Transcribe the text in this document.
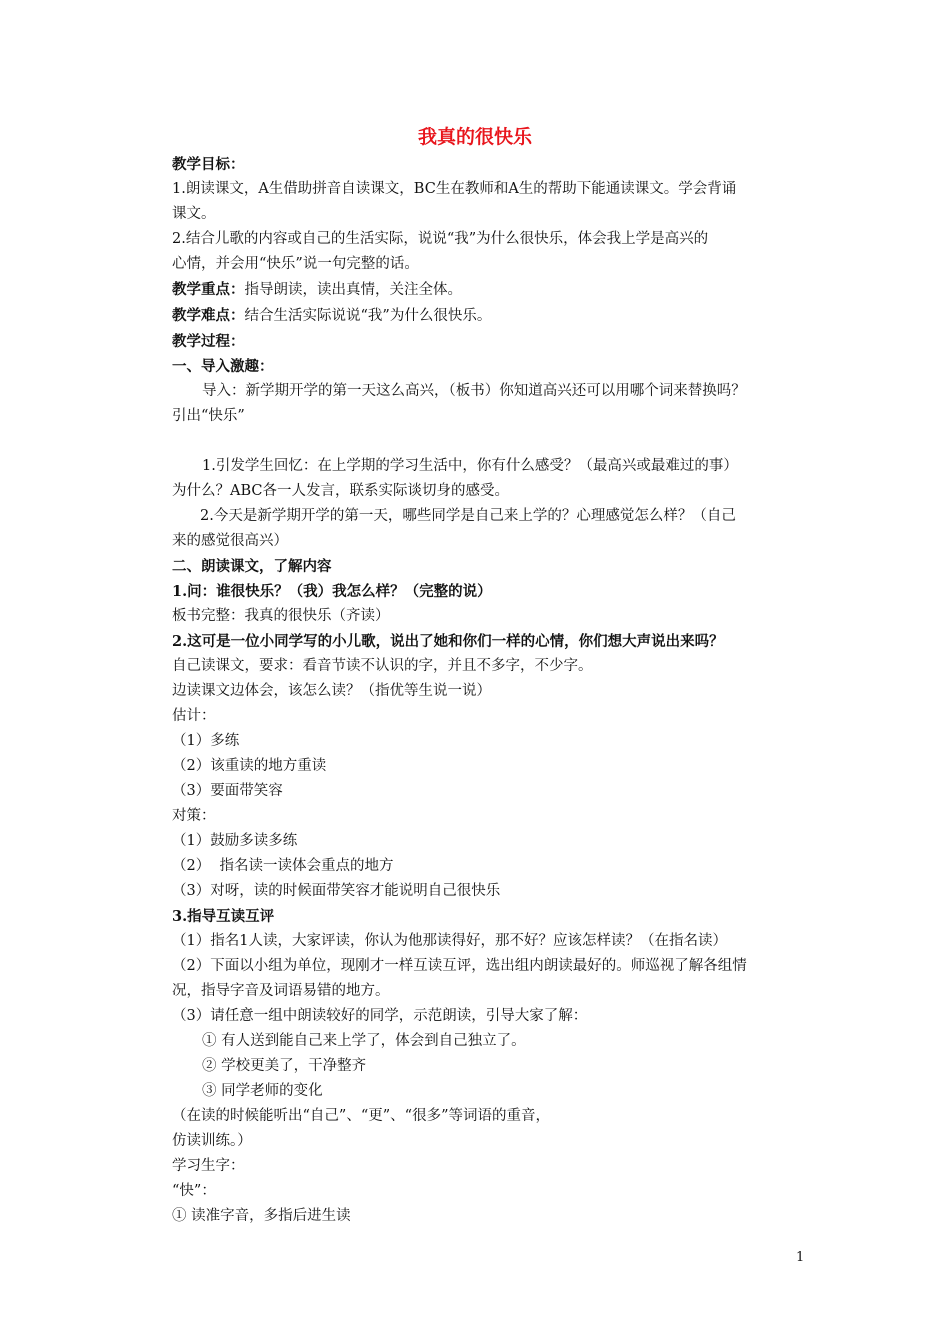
我真的很快乐

教学目标：

1.朗读课文，A生借助拼音自读课文，BC生在教师和A生的帮助下能通读课文。学会背诵

课文。

2.结合儿歌的内容或自己的生活实际，说说“我”为什么很快乐，体会我上学是高兴的

心情，并会用“快乐”说一句完整的话。

教学重点：指导朗读，读出真情，关注全体。

教学难点：结合生活实际说说“我”为什么很快乐。

教学过程：

一、导入激趣：

导入：新学期开学的第一天这么高兴，（板书）你知道高兴还可以用哪个词来替换吗？

引出“快乐”

1.引发学生回忆：在上学期的学习生活中，你有什么感受？（最高兴或最难过的事）

为什么？ABC各一人发言，联系实际谈切身的感受。

2.今天是新学期开学的第一天，哪些同学是自己来上学的？心理感觉怎么样？（自己

来的感觉很高兴）

二、朗读课文，了解内容

1.问：谁很快乐？（我）我怎么样？（完整的说）

板书完整：我真的很快乐（齐读）

2.这可是一位小同学写的小儿歌，说出了她和你们一样的心情，你们想大声说出来吗？

自己读课文，要求：看音节读不认识的字，并且不多字，不少字。

边读课文边体会，该怎么读？（指优等生说一说）

估计：

（1）多练

（2）该重读的地方重读

（3）要面带笑容

对策：

（1）鼓励多读多练

（2）  指名读一读体会重点的地方

（3）对呀，读的时候面带笑容才能说明自己很快乐

3.指导互读互评

（1）指名1人读，大家评读，你认为他那读得好，那不好？应该怎样读？（在指名读）

（2）下面以小组为单位，现刚才一样互读互评，选出组内朗读最好的。师巡视了解各组情

况，指导字音及词语易错的地方。

（3）请任意一组中朗读较好的同学，示范朗读，引导大家了解：

① 有人送到能自己来上学了，体会到自己独立了。

② 学校更美了，干净整齐

③ 同学老师的变化

（在读的时候能听出“自己”、“更”、“很多”等词语的重音，

仿读训练。）

学习生字：

“快”：

① 读准字音，多指后进生读

1
